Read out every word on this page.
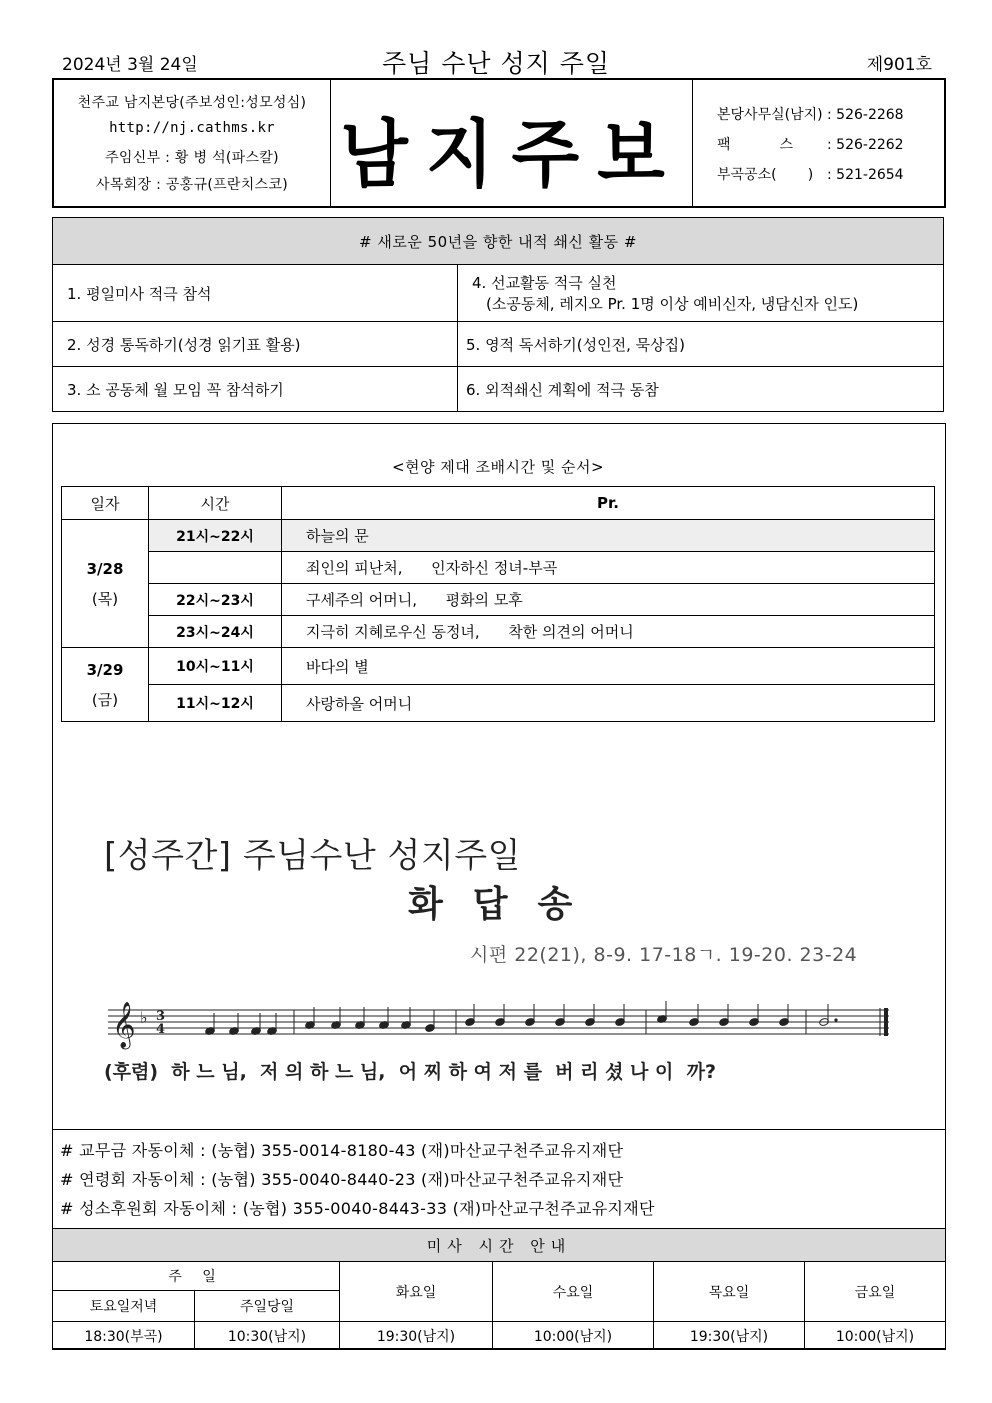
2024년 3월 24일	주님 수난 성지 주일	제901호
천주교 남지본당(주보성인:성모성심)
http://nj.cathms.kr
주임신부 : 황 병 석(파스칼)
사목회장 : 공홍규(프란치스코) 남지주보	본당사무실(남지) : 526-2268
팩           스 : 526-2262
부곡공소(       ) : 521-2654
# 새로운 50년을 향한 내적 쇄신 활동 #	
1. 평일미사 적극 참석	4. 선교활동 적극 실천
(소공동체, 레지오 Pr. 1명 이상 예비신자, 냉담신자 인도)

2. 성경 통독하기(성경 읽기표 활용)	5. 영적 독서하기(성인전, 묵상집)
3. 소 공동체 월 모임 꼭 참석하기	6. 외적쇄신 계획에 적극 동참
<현양 제대 조배시간 및 순서>
일자	시간	Pr.

3/28
(목)	21시~22시	하늘의 문
		죄인의 피난처,      인자하신 정녀-부곡
	22시~23시	구세주의 어머니,      평화의 모후
	23시~24시	지극히 지혜로우신 동정녀,      착한 의견의 어머니

3/29
(금)	10시~11시	바다의 별
	11시~12시	사랑하올 어머니
[성주간] 주님수난 성지주일
화답송
시편 22(21), 8-9. 17-18ㄱ. 19-20. 23-24
𝄞 ♭ 3
4
(후렴)  하 느 님,  저 의 하 느 님,  어 찌 하 여 저 를  버 리 셨 나 이  까?
# 교무금 자동이체 : (농협) 355-0014-8180-43 (재)마산교구천주교유지재단
# 연령회 자동이체 : (농협) 355-0040-8440-23 (재)마산교구천주교유지재단
# 성소후원회 자동이체 : (농협) 355-0040-8443-33 (재)마산교구천주교유지재단
미사 시간 안내					
주 일		화요일	수요일	목요일	금요일
토요일저녁	주일당일				
18:30(부곡)	10:30(남지)	19:30(남지)	10:00(남지)	19:30(남지)	10:00(남지)
